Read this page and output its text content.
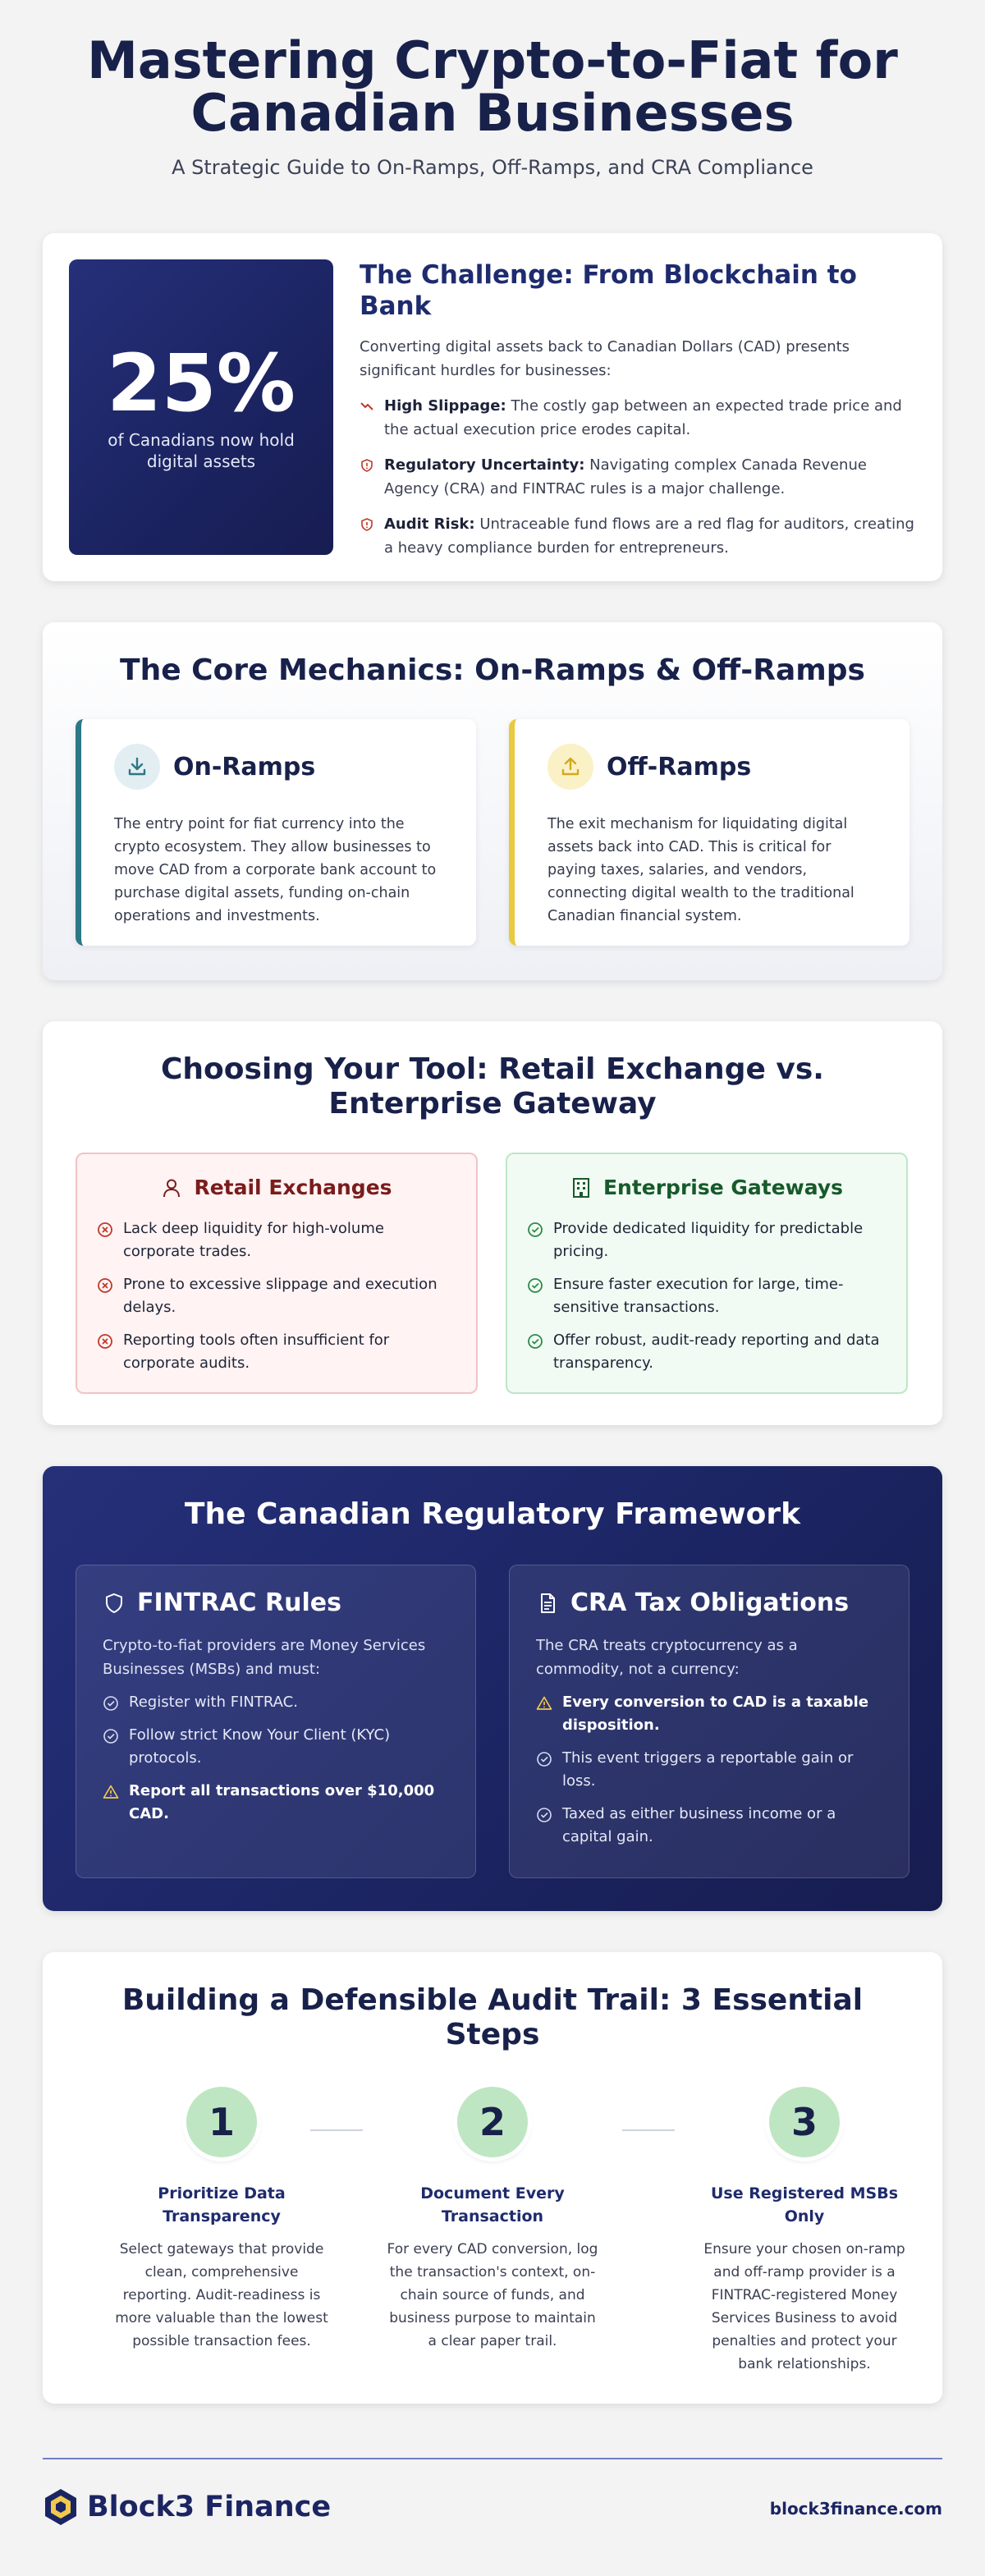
Mastering Crypto-to-Fiat for Canadian Businesses

A Strategic Guide to On-Ramps, Off-Ramps, and CRA Compliance

25%
of Canadians now hold digital assets
The Challenge: From Blockchain to Bank

Converting digital assets back to Canadian Dollars (CAD) presents significant hurdles for businesses:

High Slippage: The costly gap between an expected trade price and the actual execution price erodes capital.
Regulatory Uncertainty: Navigating complex Canada Revenue Agency (CRA) and FINTRAC rules is a major challenge.
Audit Risk: Untraceable fund flows are a red flag for auditors, creating a heavy compliance burden for entrepreneurs.
The Core Mechanics: On-Ramps & Off-Ramps
On-Ramps

The entry point for fiat currency into the crypto ecosystem. They allow businesses to move CAD from a corporate bank account to purchase digital assets, funding on-chain operations and investments.

Off-Ramps

The exit mechanism for liquidating digital assets back into CAD. This is critical for paying taxes, salaries, and vendors, connecting digital wealth to the traditional Canadian financial system.

Choosing Your Tool: Retail Exchange vs. Enterprise Gateway
Retail Exchanges
Lack deep liquidity for high-volume corporate trades.
Prone to excessive slippage and execution delays.
Reporting tools often insufficient for corporate audits.
Enterprise Gateways
Provide dedicated liquidity for predictable pricing.
Ensure faster execution for large, time-sensitive transactions.
Offer robust, audit-ready reporting and data transparency.
The Canadian Regulatory Framework
FINTRAC Rules

Crypto-to-fiat providers are Money Services Businesses (MSBs) and must:

Register with FINTRAC.
Follow strict Know Your Client (KYC) protocols.
Report all transactions over $10,000 CAD.
CRA Tax Obligations

The CRA treats cryptocurrency as a commodity, not a currency:

Every conversion to CAD is a taxable disposition.
This event triggers a reportable gain or loss.
Taxed as either business income or a capital gain.
Building a Defensible Audit Trail: 3 Essential Steps
1
Prioritize Data Transparency
Select gateways that provide clean, comprehensive reporting. Audit-readiness is more valuable than the lowest possible transaction fees.
2
Document Every Transaction
For every CAD conversion, log the transaction's context, on-chain source of funds, and business purpose to maintain a clear paper trail.
3
Use Registered MSBs Only
Ensure your chosen on-ramp and off-ramp provider is a FINTRAC-registered Money Services Business to avoid penalties and protect your bank relationships.
Block3 Finance	block3finance.com
